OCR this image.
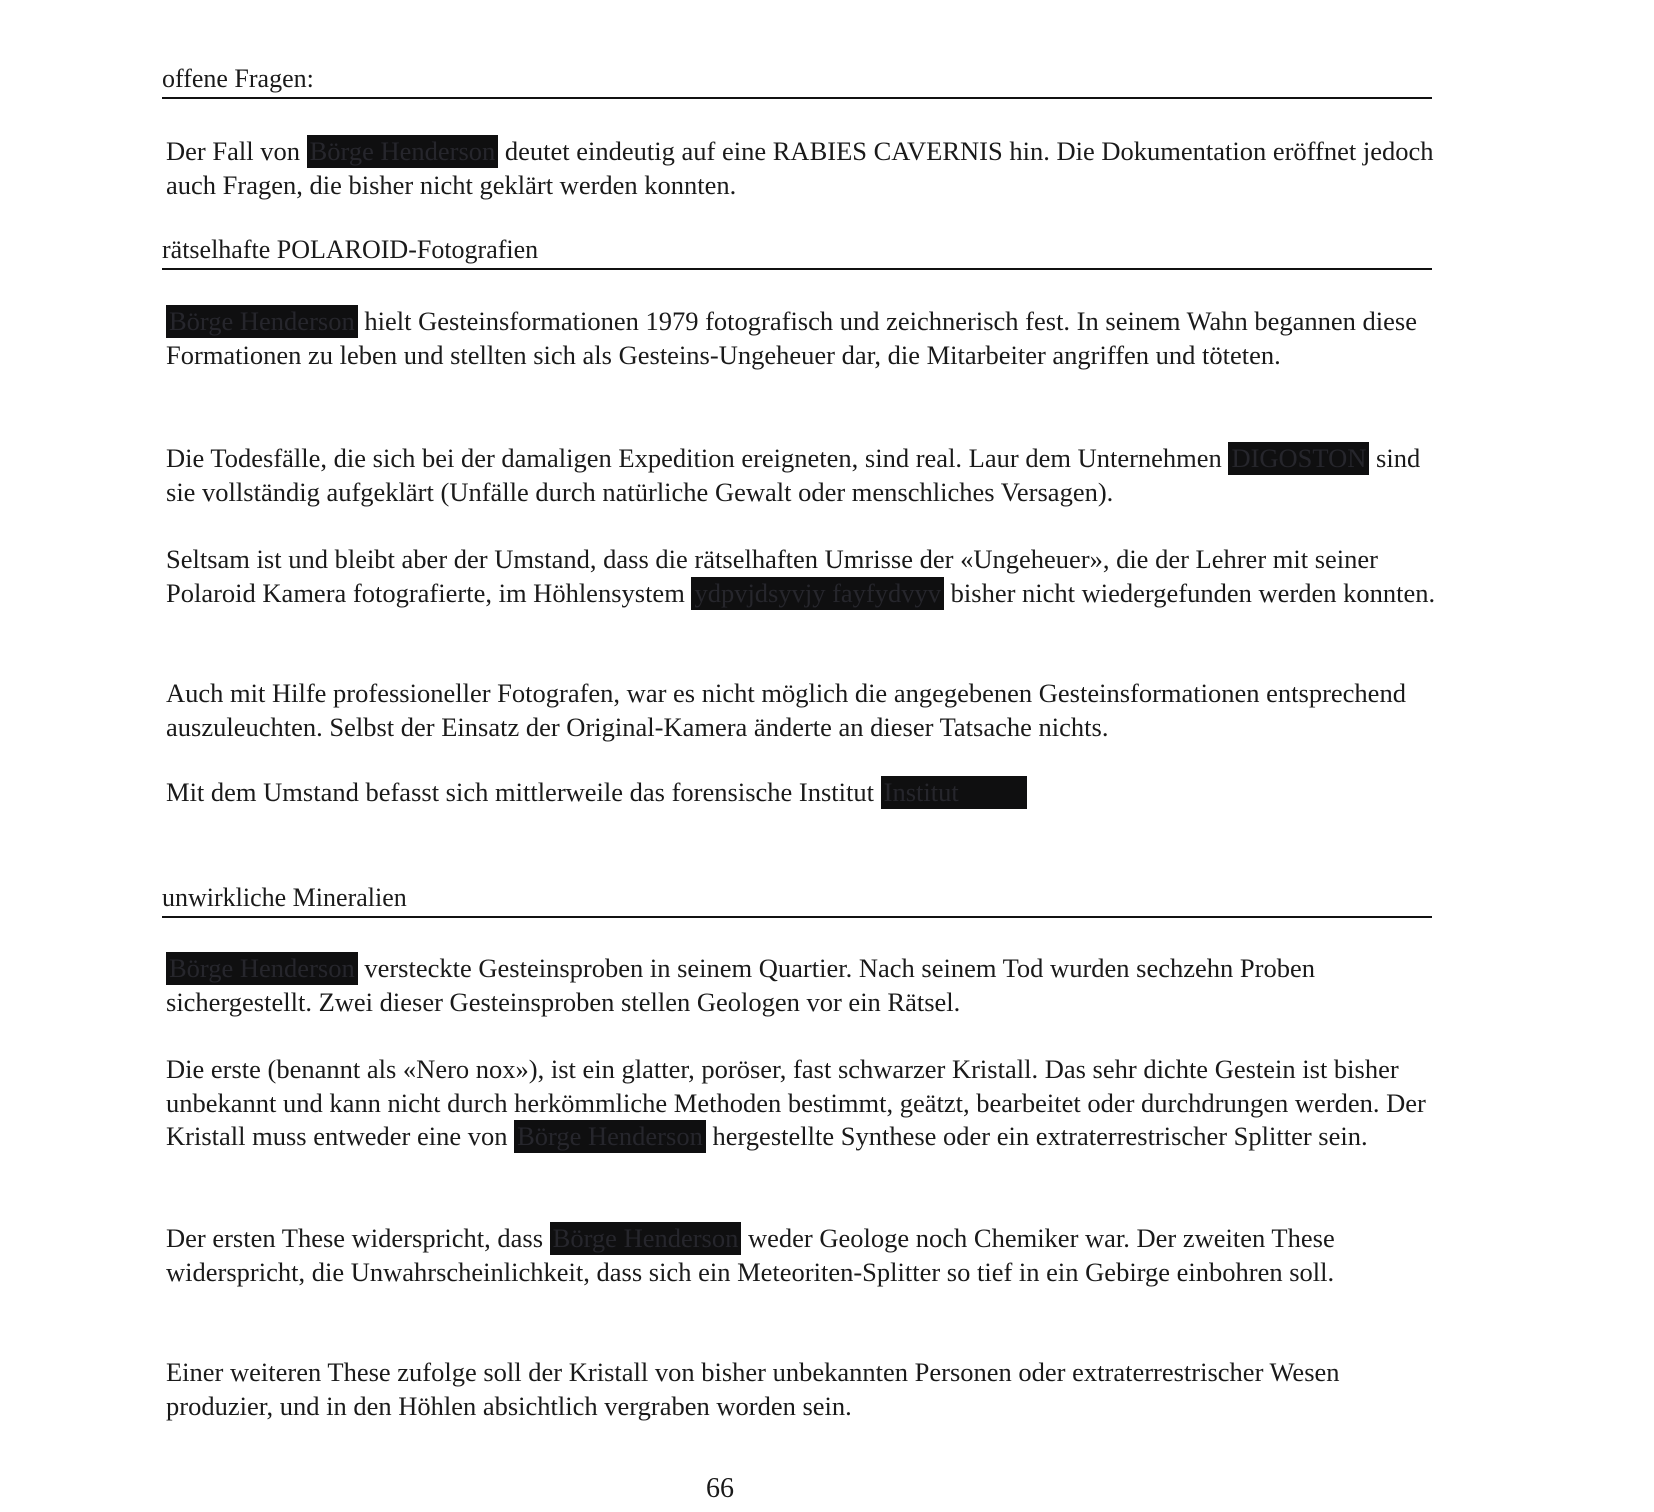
offene Fragen:

Der Fall von Börge Henderson deutet eindeutig auf eine RABIES CAVERNIS hin. Die Dokumentation eröffnet jedoch auch Fragen, die bisher nicht geklärt werden konnten.

rätselhafte POLAROID-Fotografien

Börge Henderson hielt Gesteinsformationen 1979 fotografisch und zeichnerisch fest. In seinem Wahn begannen diese Formationen zu leben und stellten sich als Gesteins-Ungeheuer dar, die Mitarbeiter angriffen und töteten.

Die Todesfälle, die sich bei der damaligen Expedition ereigneten, sind real. Laur dem Unternehmen DIGOSTON sind sie vollständig aufgeklärt (Unfälle durch natürliche Gewalt oder menschliches Versagen).

Seltsam ist und bleibt aber der Umstand, dass die rätselhaften Umrisse der «Ungeheuer», die der Lehrer mit seiner Polaroid Kamera fotografierte, im Höhlensystem ydpvjdsyvjy fayfydvyv bisher nicht wiedergefunden werden konnten.

Auch mit Hilfe professioneller Fotografen, war es nicht möglich die angegebenen Gesteinsformationen entsprechend auszuleuchten. Selbst der Einsatz der Original-Kamera änderte an dieser Tatsache nichts.

Mit dem Umstand befasst sich mittlerweile das forensische Institut Institut

unwirkliche Mineralien

Börge Henderson versteckte Gesteinsproben in seinem Quartier. Nach seinem Tod wurden sechzehn Proben sichergestellt. Zwei dieser Gesteinsproben stellen Geologen vor ein Rätsel.

Die erste (benannt als «Nero nox»), ist ein glatter, poröser, fast schwarzer Kristall. Das sehr dichte Gestein ist bisher unbekannt und kann nicht durch herkömmliche Methoden bestimmt, geätzt, bearbeitet oder durchdrungen werden. Der Kristall muss entweder eine von Börge Henderson hergestellte Synthese oder ein extraterrestrischer Splitter sein.

Der ersten These widerspricht, dass Börge Henderson weder Geologe noch Chemiker war. Der zweiten These widerspricht, die Unwahrscheinlichkeit, dass sich ein Meteoriten-Splitter so tief in ein Gebirge einbohren soll.

Einer weiteren These zufolge soll der Kristall von bisher unbekannten Personen oder extraterrestrischer Wesen produzier, und in den Höhlen absichtlich vergraben worden sein.

66
